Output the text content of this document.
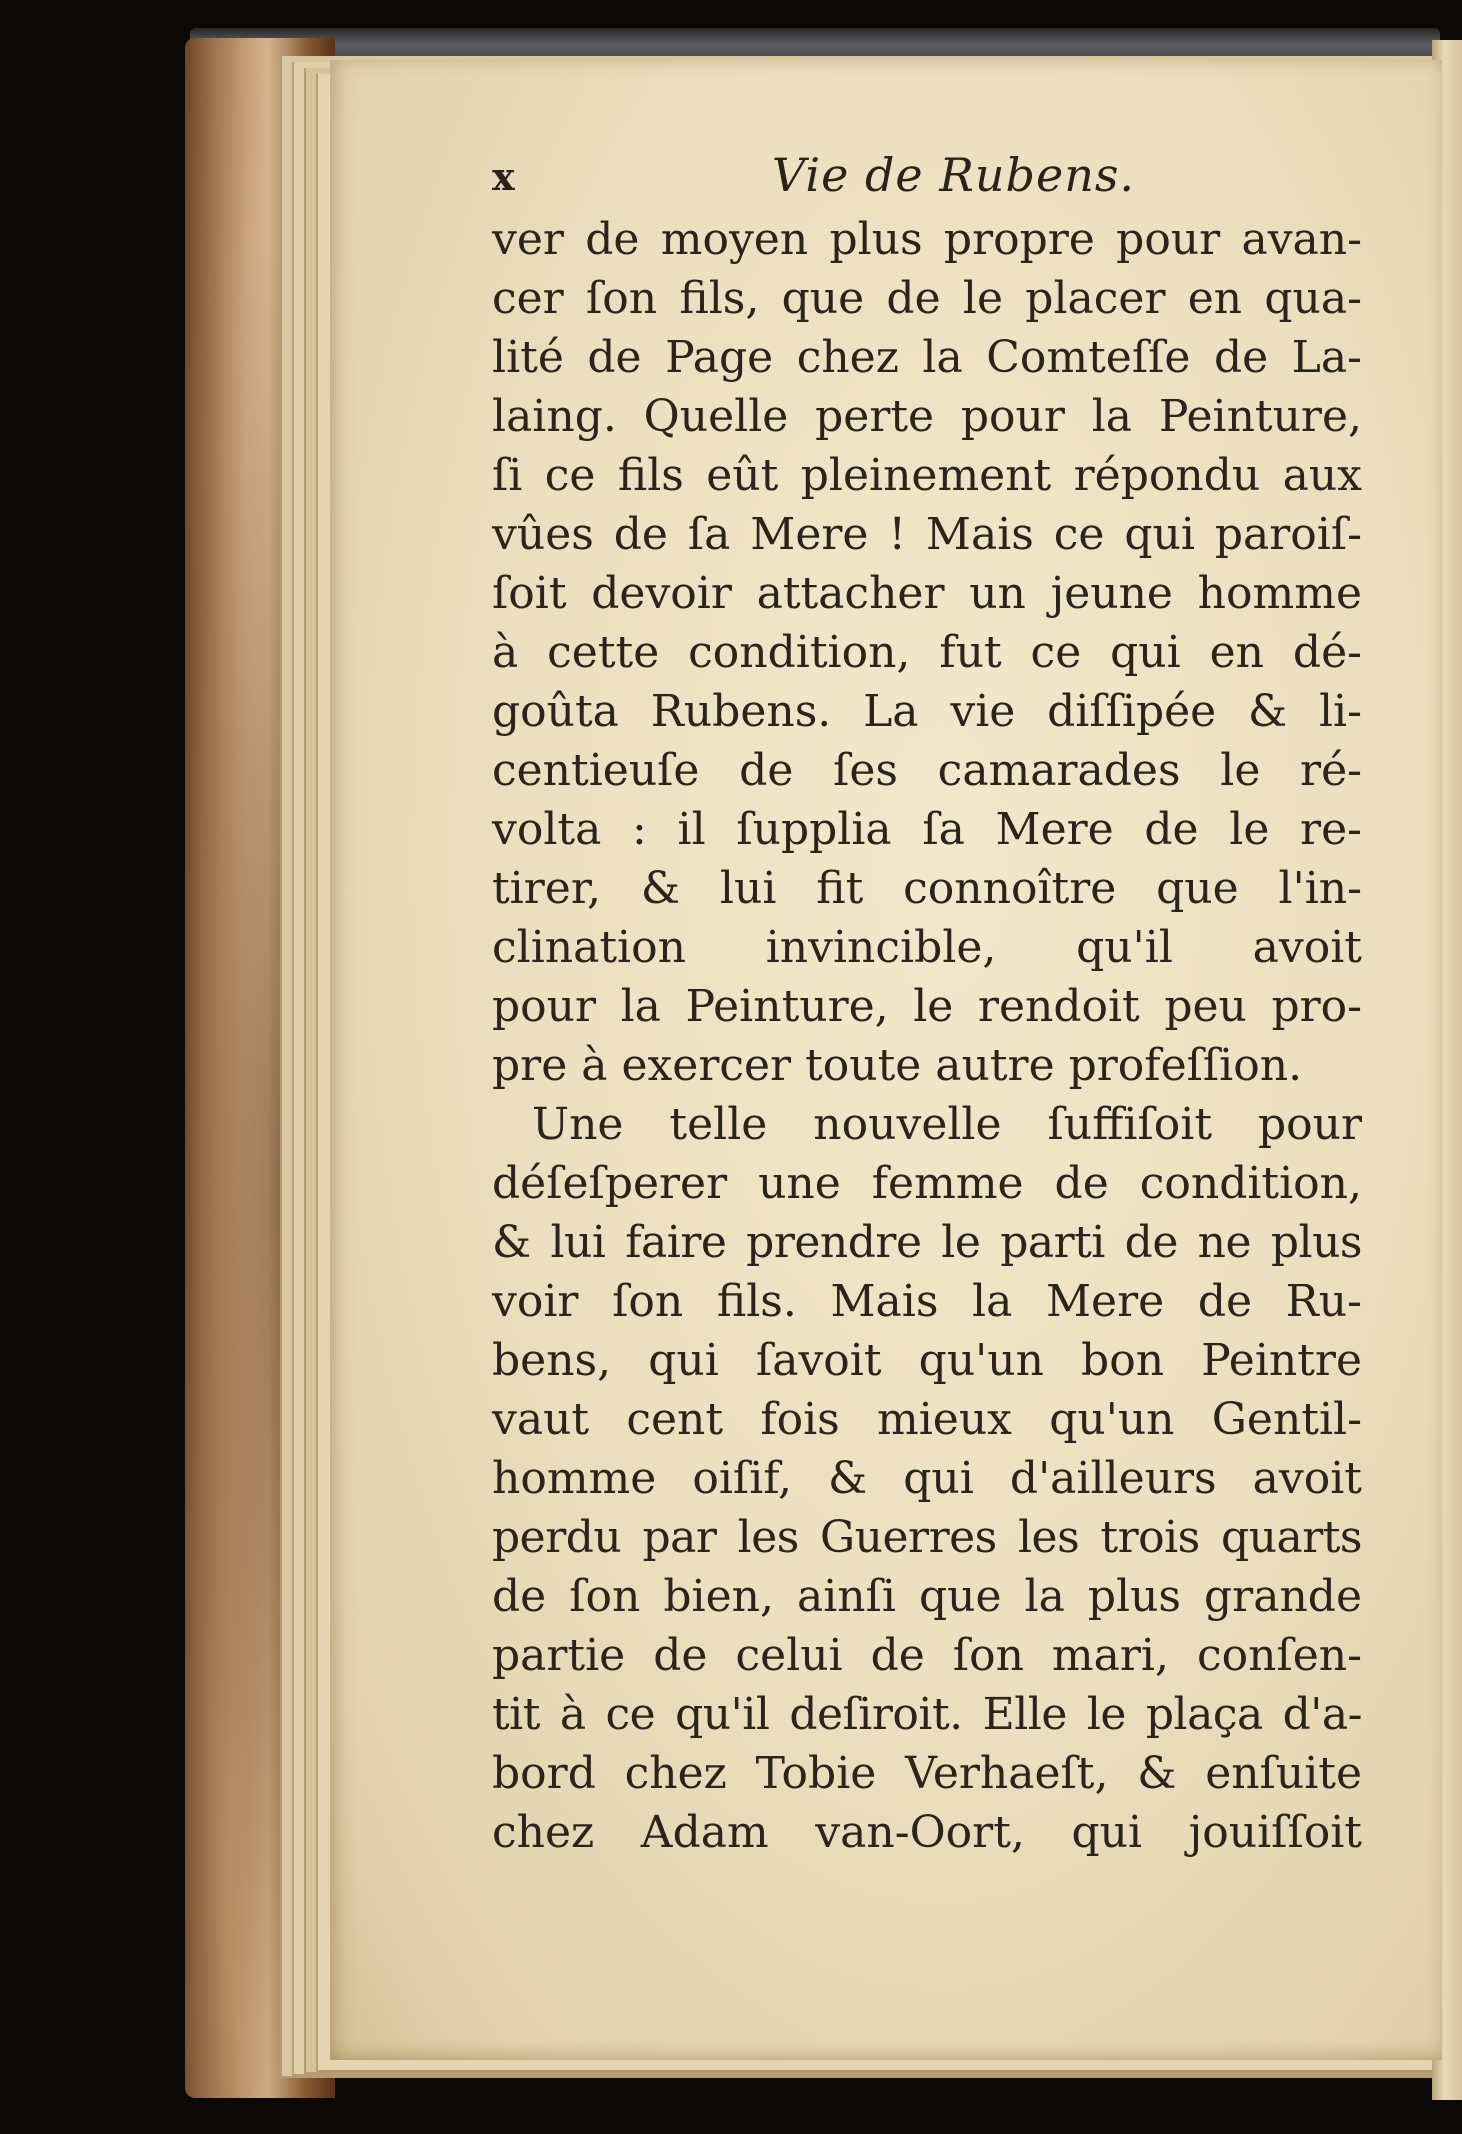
x	Vie de Rubens.
ver de moyen plus propre pour avan-
cer ſon fils, que de le placer en qua-
lité de Page chez la Comteſſe de La-
laing. Quelle perte pour la Peinture,
ſi ce fils eût pleinement répondu aux
vûes de ſa Mere ! Mais ce qui paroiſ-
ſoit devoir attacher un jeune homme
à cette condition, fut ce qui en dé-
goûta Rubens. La vie diſſipée & li-
centieuſe de ſes camarades le ré-
volta : il ſupplia ſa Mere de le re-
tirer, & lui fit connoître que l'in-
clination invincible, qu'il avoit
pour la Peinture, le rendoit peu pro-
pre à exercer toute autre profeſſion.
Une telle nouvelle ſuffiſoit pour
déſeſperer une femme de condition,
& lui faire prendre le parti de ne plus
voir ſon fils. Mais la Mere de Ru-
bens, qui ſavoit qu'un bon Peintre
vaut cent fois mieux qu'un Gentil-
homme oiſif, & qui d'ailleurs avoit
perdu par les Guerres les trois quarts
de ſon bien, ainſi que la plus grande
partie de celui de ſon mari, conſen-
tit à ce qu'il deſiroit. Elle le plaça d'a-
bord chez Tobie Verhaeſt, & enſuite
chez Adam van-Oort, qui jouiſſoit
